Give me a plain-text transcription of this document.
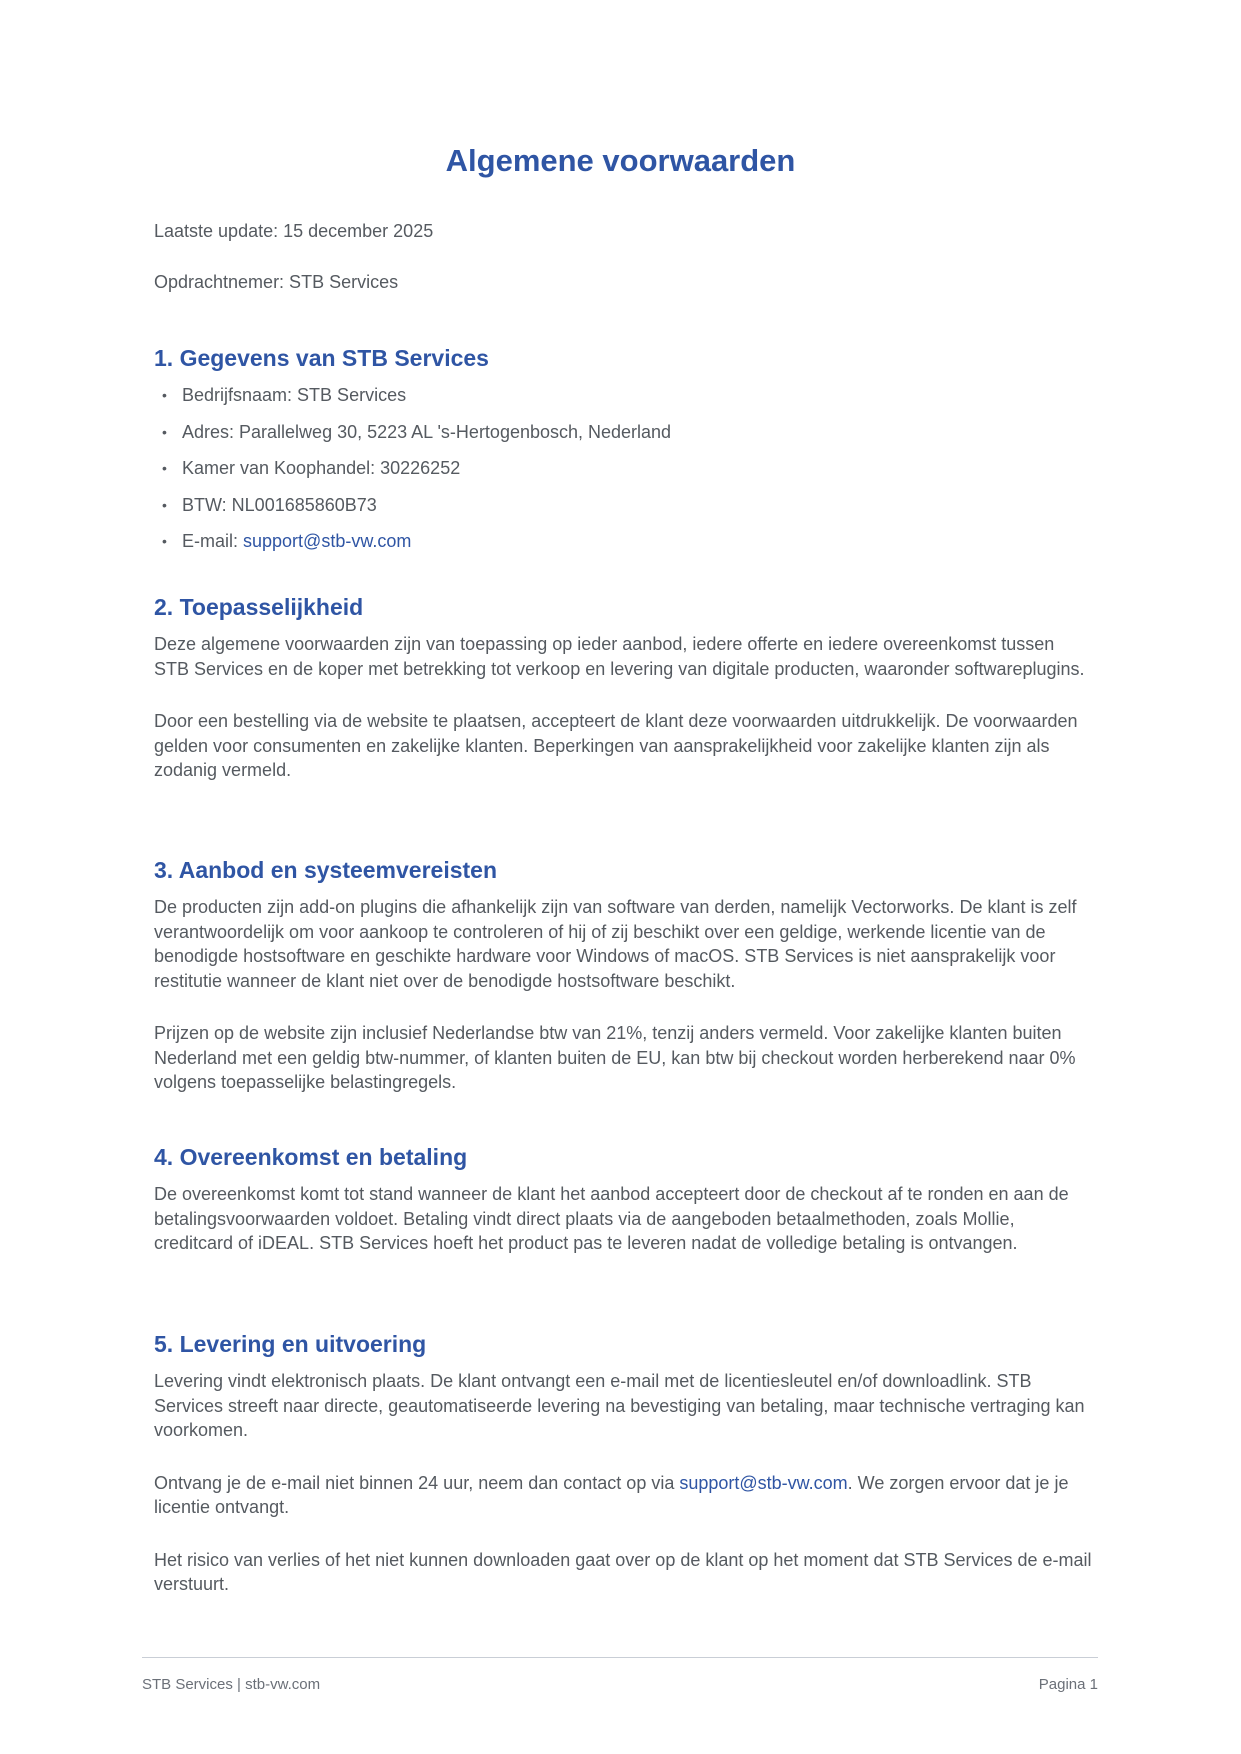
Algemene voorwaarden

Laatste update: 15 december 2025

Opdrachtnemer: STB Services

1. Gegevens van STB Services
• Bedrijfsnaam: STB Services
• Adres: Parallelweg 30, 5223 AL 's-Hertogenbosch, Nederland
• Kamer van Koophandel: 30226252
• BTW: NL001685860B73
• E-mail: support@stb-vw.com
2. Toepasselijkheid

Deze algemene voorwaarden zijn van toepassing op ieder aanbod, iedere offerte en iedere overeenkomst tussen STB Services en de koper met betrekking tot verkoop en levering van digitale producten, waaronder softwareplugins.

Door een bestelling via de website te plaatsen, accepteert de klant deze voorwaarden uitdrukkelijk. De voorwaarden gelden voor consumenten en zakelijke klanten. Beperkingen van aansprakelijkheid voor zakelijke klanten zijn als zodanig vermeld.

3. Aanbod en systeemvereisten

De producten zijn add-on plugins die afhankelijk zijn van software van derden, namelijk Vectorworks. De klant is zelf verantwoordelijk om voor aankoop te controleren of hij of zij beschikt over een geldige, werkende licentie van de benodigde hostsoftware en geschikte hardware voor Windows of macOS. STB Services is niet aansprakelijk voor restitutie wanneer de klant niet over de benodigde hostsoftware beschikt.

Prijzen op de website zijn inclusief Nederlandse btw van 21%, tenzij anders vermeld. Voor zakelijke klanten buiten Nederland met een geldig btw-nummer, of klanten buiten de EU, kan btw bij checkout worden herberekend naar 0% volgens toepasselijke belastingregels.

4. Overeenkomst en betaling

De overeenkomst komt tot stand wanneer de klant het aanbod accepteert door de checkout af te ronden en aan de betalingsvoorwaarden voldoet. Betaling vindt direct plaats via de aangeboden betaalmethoden, zoals Mollie, creditcard of iDEAL. STB Services hoeft het product pas te leveren nadat de volledige betaling is ontvangen.

5. Levering en uitvoering

Levering vindt elektronisch plaats. De klant ontvangt een e-mail met de licentiesleutel en/of downloadlink. STB Services streeft naar directe, geautomatiseerde levering na bevestiging van betaling, maar technische vertraging kan voorkomen.

Ontvang je de e-mail niet binnen 24 uur, neem dan contact op via support@stb-vw.com. We zorgen ervoor dat je je licentie ontvangt.

Het risico van verlies of het niet kunnen downloaden gaat over op de klant op het moment dat STB Services de e-mail verstuurt.

STB Services | stb-vw.com	Pagina 1
